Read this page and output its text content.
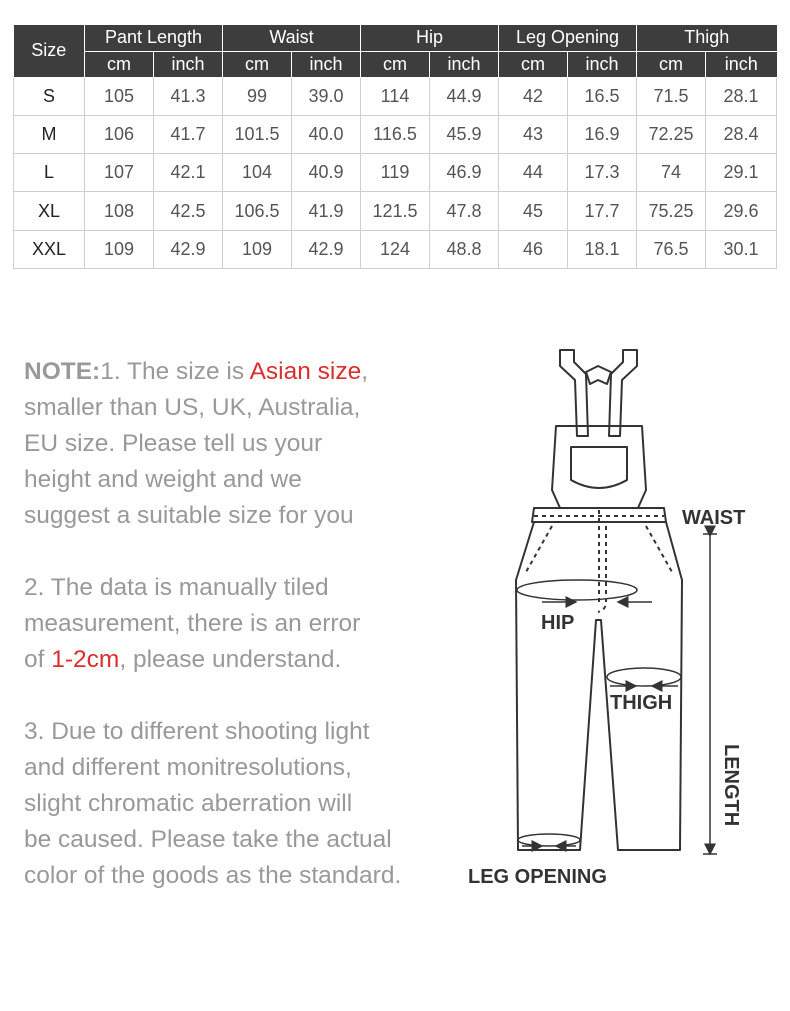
Size	Pant Length		Waist		Hip		Leg Opening		Thigh	
	cm	inch	cm	inch	cm	inch	cm	inch	cm	inch
S	105	41.3	99	39.0	114	44.9	42	16.5	71.5	28.1
M	106	41.7	101.5	40.0	116.5	45.9	43	16.9	72.25	28.4
L	107	42.1	104	40.9	119	46.9	44	17.3	74	29.1
XL	108	42.5	106.5	41.9	121.5	47.8	45	17.7	75.25	29.6
XXL	109	42.9	109	42.9	124	48.8	46	18.1	76.5	30.1

NOTE:1. The size is Asian size,
smaller than US, UK, Australia,
EU size. Please tell us your
height and weight and we
suggest a suitable size for you

2. The data is manually tiled
measurement, there is an error
of 1-2cm, please understand.

3. Due to different shooting light
and different monitresolutions,
slight chromatic aberration will
be caused. Please take the actual
color of the goods as the standard.

WAIST
HIP
THIGH
LENGTH
LEG OPENING
